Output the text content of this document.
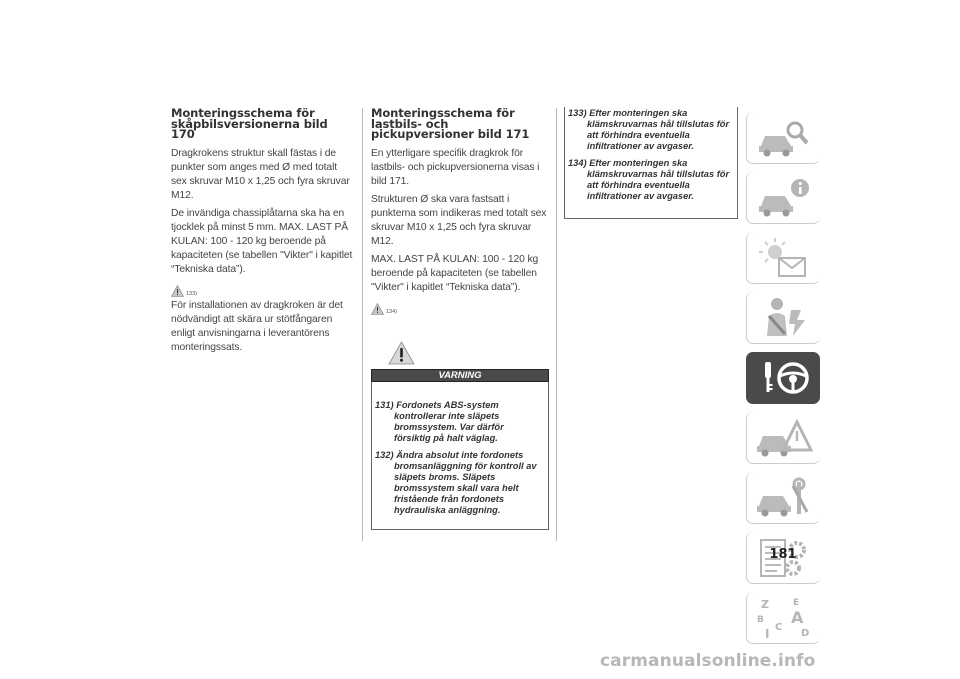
Monteringsschema för skåpbilsversionerna bild 170

Dragkrokens struktur skall fästas i de punkter som anges med Ø med totalt sex skruvar M10 x 1,25 och fyra skruvar M12.

De invändiga chassiplåtarna ska ha en tjocklek på minst 5 mm. MAX. LAST PÅ KULAN: 100 - 120 kg beroende på kapaciteten (se tabellen "Vikter" i kapitlet “Tekniska data”).

133)

För installationen av dragkroken är det nödvändigt att skära ur stötfångaren enligt anvisningarna i leverantörens monteringssats.

Monteringsschema för lastbils- och pickupversioner bild 171

En ytterligare specifik dragkrok för lastbils- och pickupversionerna visas i bild 171.

Strukturen Ø ska vara fastsatt i punkterna som indikeras med totalt sex skruvar M10 x 1,25 och fyra skruvar M12.

MAX. LAST PÅ KULAN: 100 - 120 kg beroende på kapaciteten (se tabellen "Vikter" i kapitlet “Tekniska data”).

134)
VARNING

131) Fordonets ABS-system kontrollerar inte släpets bromssystem. Var därför försiktig på halt väglag.

132) Ändra absolut inte fordonets bromsanläggning för kontroll av släpets broms. Släpets bromssystem skall vara helt fristående från fordonets hydrauliska anläggning.

133) Efter monteringen ska klämskruvarnas hål tillslutas för att förhindra eventuella infiltrationer av avgaser.

134) Efter monteringen ska klämskruvarnas hål tillslutas för att förhindra eventuella infiltrationer av avgaser.

Z	E
B A
C
I	D
181
carmanualsonline.info
